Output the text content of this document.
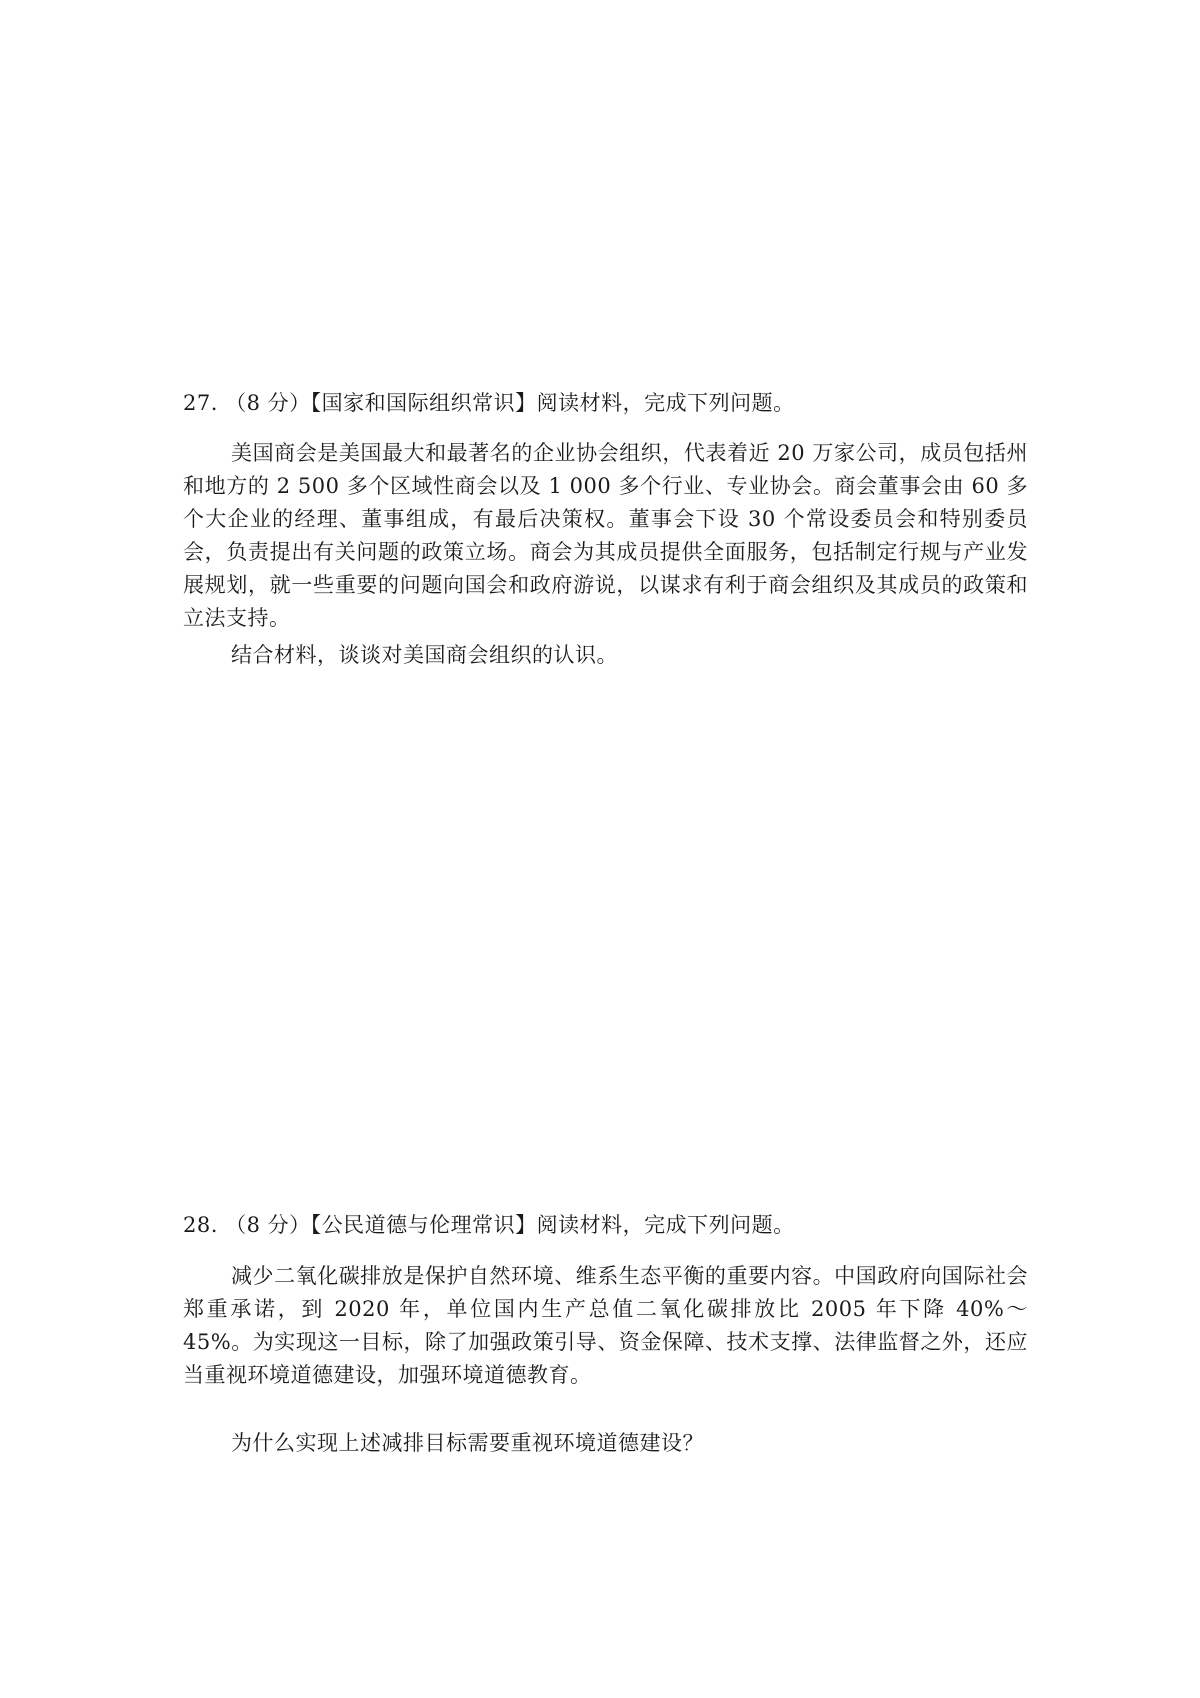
27. （8 分）【国家和国际组织常识】阅读材料，完成下列问题。
美国商会是美国最大和最著名的企业协会组织，代表着近 20 万家公司，成员包括州和地方的 2 500 多个区域性商会以及 1 000 多个行业、专业协会。商会董事会由 60 多个大企业的经理、董事组成，有最后决策权。董事会下设 30 个常设委员会和特别委员会，负责提出有关问题的政策立场。商会为其成员提供全面服务，包括制定行规与产业发展规划，就一些重要的问题向国会和政府游说，以谋求有利于商会组织及其成员的政策和立法支持。
结合材料，谈谈对美国商会组织的认识。
28. （8 分）【公民道德与伦理常识】阅读材料，完成下列问题。
减少二氧化碳排放是保护自然环境、维系生态平衡的重要内容。中国政府向国际社会郑重承诺，到 2020 年，单位国内生产总值二氧化碳排放比 2005 年下降 40%～45%。为实现这一目标，除了加强政策引导、资金保障、技术支撑、法律监督之外，还应当重视环境道德建设，加强环境道德教育。
为什么实现上述减排目标需要重视环境道德建设？
